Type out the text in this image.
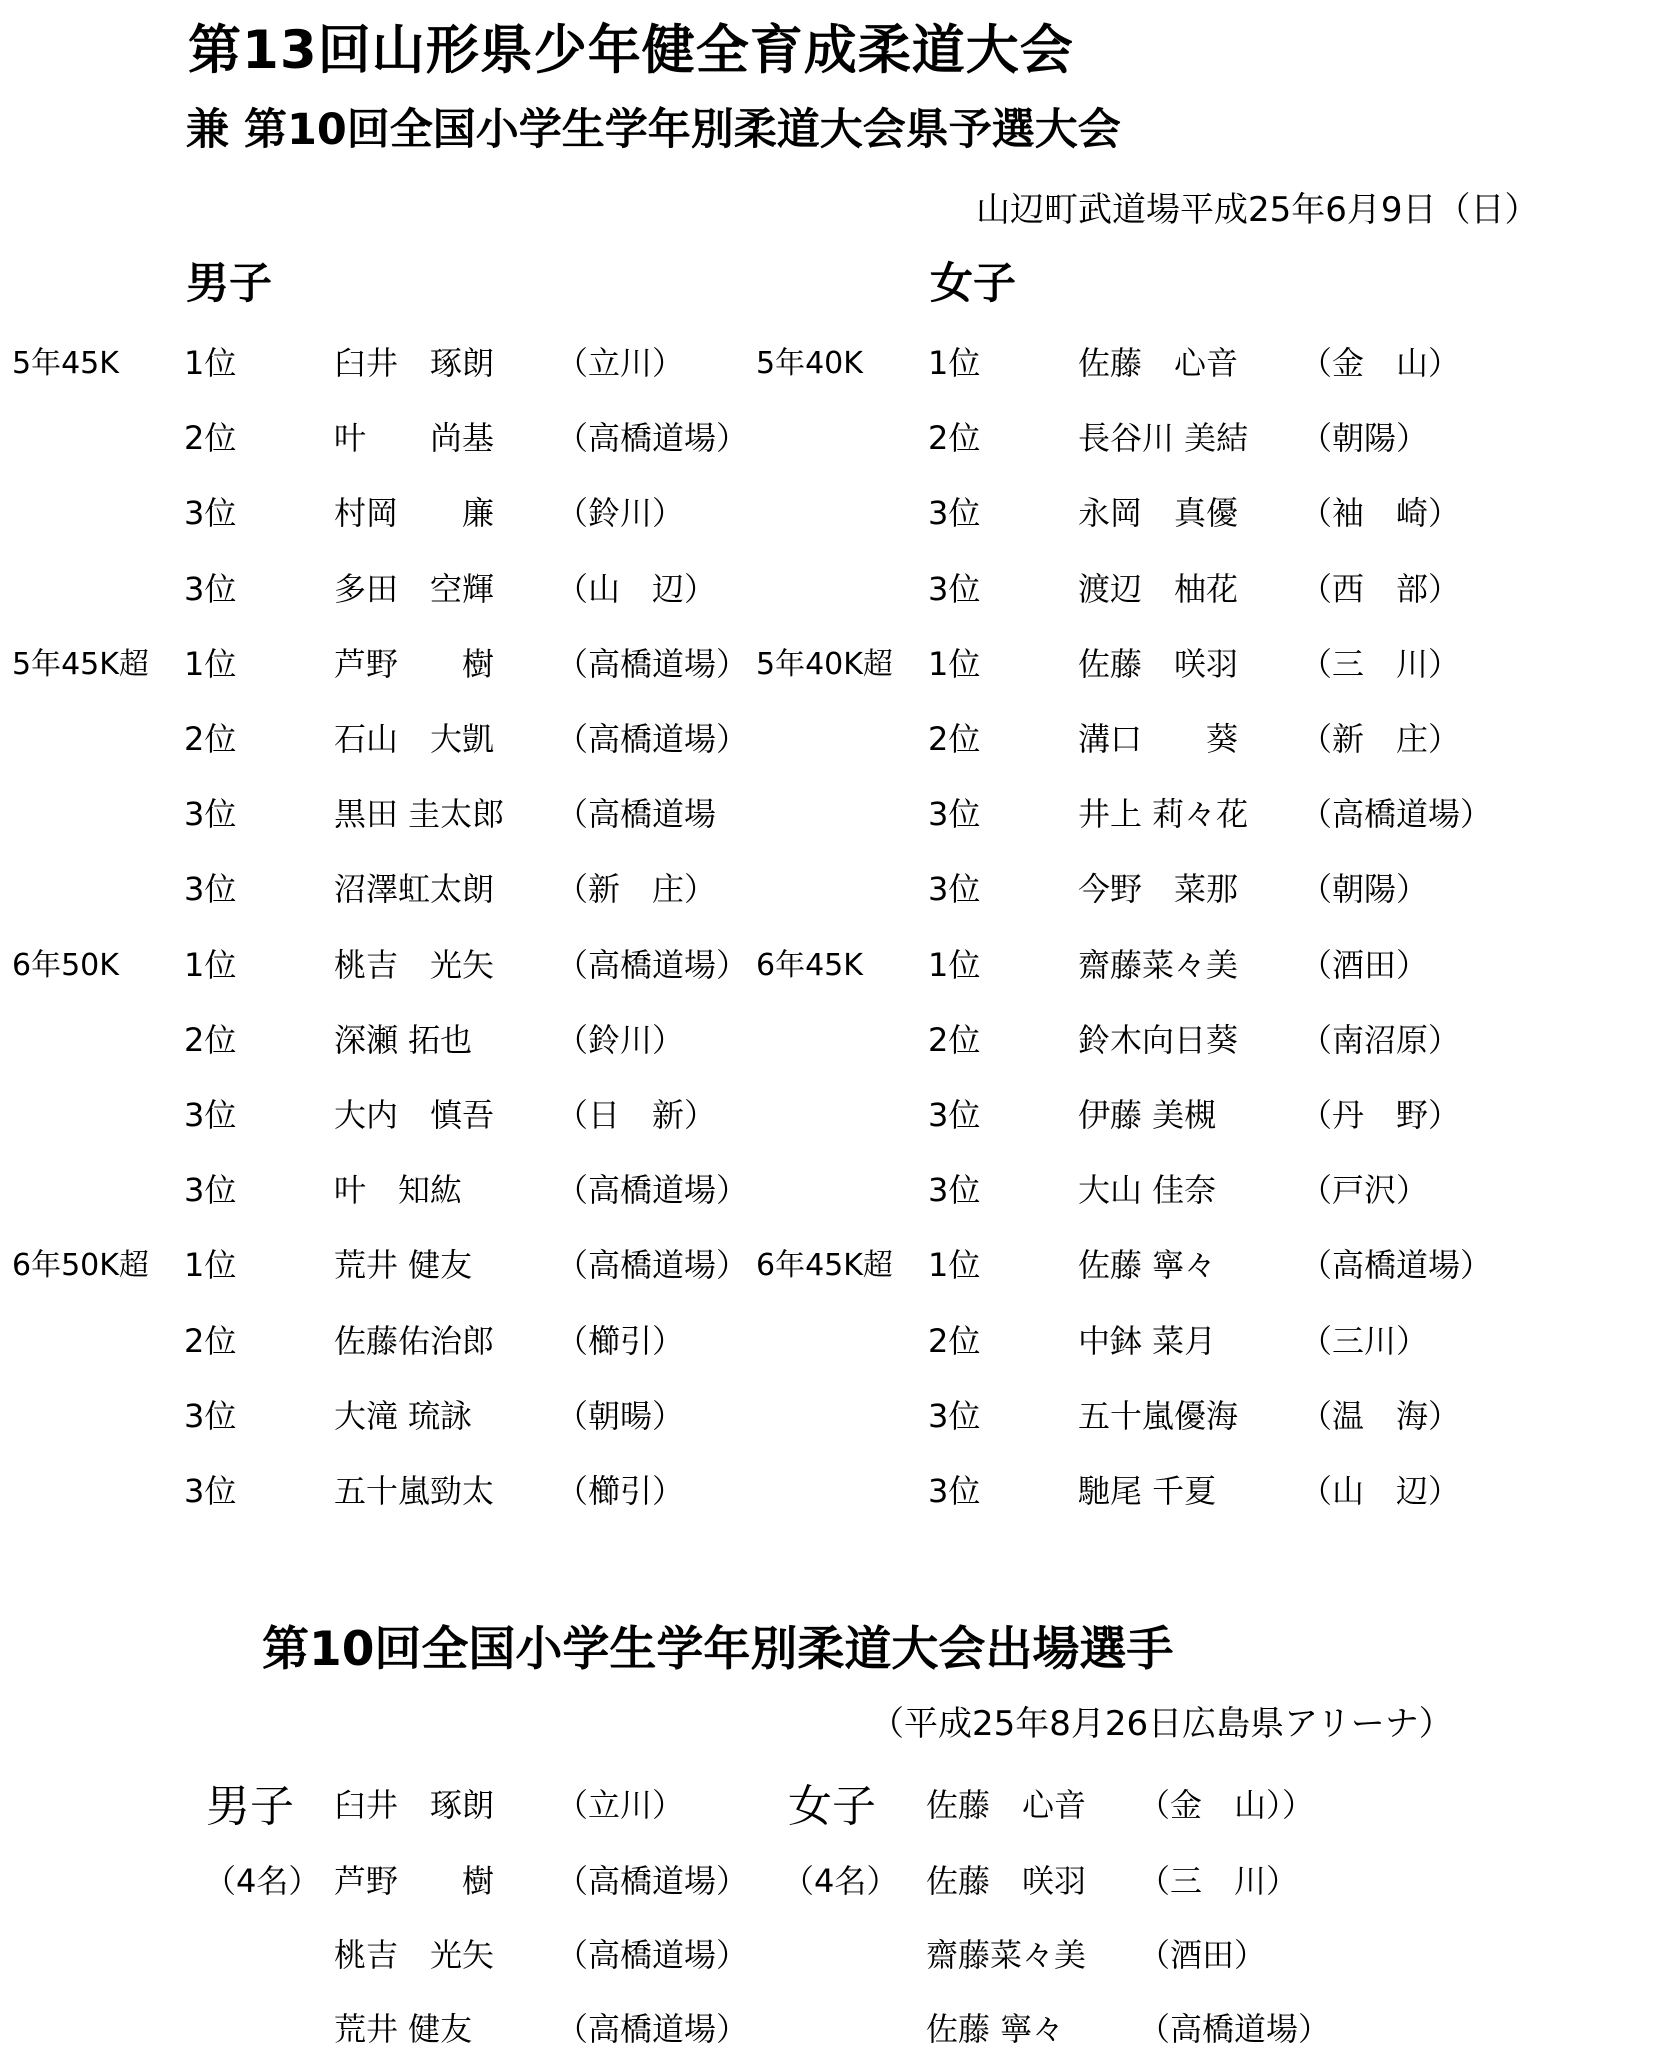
第13回山形県少年健全育成柔道大会
兼 第10回全国小学生学年別柔道大会県予選大会
山辺町武道場平成25年6月9日（日）
男子	女子
5年45K 1位	臼井　琢朗 （立川） 5年40K 1位	佐藤　心音 （金　山）
2位	叶　　尚基 （高橋道場）	2位	長谷川 美結 （朝陽）
3位	村岡　　廉 （鈴川）	3位	永岡　真優 （袖　崎）
3位	多田　空輝 （山　辺）	3位	渡辺　柚花 （西　部）
5年45K超 1位	芦野　　樹 （高橋道場） 5年40K超 1位	佐藤　咲羽 （三　川）
2位	石山　大凱 （高橋道場）	2位	溝口　　葵 （新　庄）
3位	黒田 圭太郎 （高橋道場	3位	井上 莉々花 （高橋道場）
3位	沼澤虹太朗 （新　庄）	3位	今野　菜那 （朝陽）
6年50K 1位	桃吉　光矢 （高橋道場） 6年45K 1位	齋藤菜々美 （酒田）
2位	深瀬 拓也	（鈴川）	2位	鈴木向日葵 （南沼原）
3位	大内　慎吾 （日　新）	3位	伊藤 美槻	（丹　野）
3位	叶　知紘	（高橋道場）	3位	大山 佳奈	（戸沢）
6年50K超 1位	荒井 健友	（高橋道場） 6年45K超 1位	佐藤 寧々	（高橋道場）
2位	佐藤佑治郎 （櫛引）	2位	中鉢 菜月	（三川）
3位	大滝 琉詠	（朝暘）	3位	五十嵐優海 （温　海）
3位	五十嵐勁太 （櫛引）	3位	馳尾 千夏	（山　辺）
第10回全国小学生学年別柔道大会出場選手
（平成25年8月26日広島県アリーナ）
男子
（4名）
女子
（4名）
臼井　琢朗 （立川）	佐藤　心音 （金　山））
芦野　　樹 （高橋道場）	佐藤　咲羽 （三　川）
桃吉　光矢 （高橋道場）	齋藤菜々美 （酒田）
荒井 健友	（高橋道場）	佐藤 寧々 （高橋道場）
